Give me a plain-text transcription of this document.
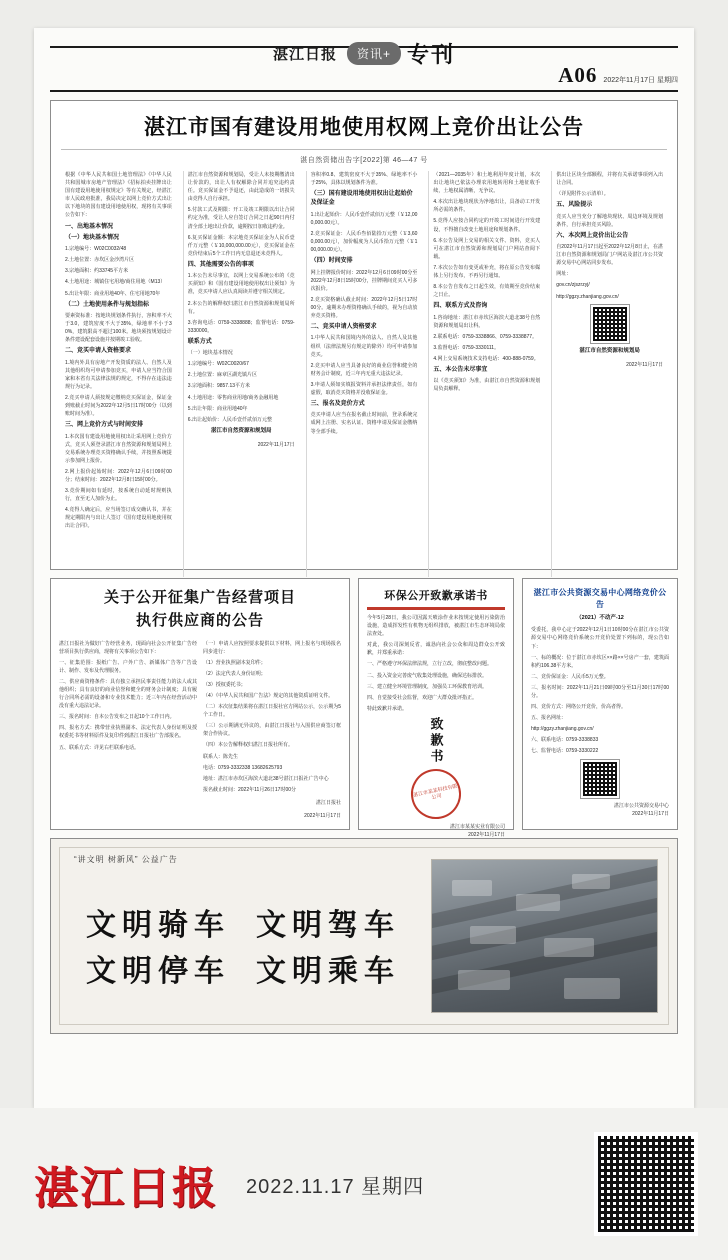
湛江日报	资讯+ 专刊
A06 2022年11月17日 星期四
湛江市国有建设用地使用权网上竞价出让公告
湛自然资储出告字[2022]第 46—47 号

根据《中华人民共和国土地管理法》《中华人民共和国城市房地产管理法》《招标拍卖挂牌出让国有建设用地使用权规定》等有关规定，经湛江市人民政府批准，我局决定以网上竞价方式出让以下地块的国有建设用地使用权，现将有关事项公告如下：

一、出地基本情况

（一）地块基本情况

1.宗地编号：W02C0032/48

2.土地位置：赤坎区金沙湾片区

3.宗地面积：约33745平方米

4.土地用途：城镇住宅用地/商住用地（M13）

5.出让年限：商业用地40年、住宅用地70年

（二）土地使用条件与规划指标

要素资标准：按地块规划条件执行，容积率不大于3.0，建筑密度不大于35%，绿地率不小于30%，建筑限高不超过100米。地块须按规划设计条件建设配套设施并按期竣工验收。

二、竞买申请人资格要求

1.境内外具有房地产开发资质的法人、自然人及其他组织均可申请参加竞买，申请人应当符合国家和本省有关法律法规的规定，不得存在违法违规行为记录。

2.竞买申请人须按规定缴纳竞买保证金，保证金到账截止时间为2022年12月5日17时00分（以到账时间为准）。

三、网上竞价方式与时间安排

1.本次国有建设用地使用权出让采用网上竞价方式，竞买人须登录湛江市自然资源和规划局网上交易系统办理竞买资格确认手续，并按照系统提示参加网上报价。

2.网上报价起始时间：2022年12月6日09时00分；结束时间：2022年12月8日15时00分。

3.竞价期间如有延时，按系统自动延时规则执行，直至无人加价为止。

4.竞得人确定后，应当场签订成交确认书，并在规定期限内与出让人签订《国有建设用地使用权出让合同》。

湛江市自然资源和规划局，受让人未按期缴清出让价款的，出让人有权解除合同并追究违约责任。竞买保证金不予退还，由此造成的一切损失由竞得人自行承担。

5.付款工式及期限：开工及竣工期限以出让合同约定为准，受让人应自签订合同之日起90日内付清全部土地出让价款，逾期按日加收违约金。

6.复买保证金额：本宗地竞买保证金为人民币壹仟万元整（￥10,000,000.00元），竞买保证金在竞价结束后5个工作日内无息退还未竞得人。

四、其他需要公告的事项

1.本公告未尽事宜，以网上交易系统公布的《竞买须知》和《国有建设用地使用权出让须知》为准，竞买申请人应认真阅读并遵守相关规定。

2.本公告的解释权归湛江市自然资源和规划局所有。

3.咨询电话：0759-3338888；监督电话：0759-3330000。

联系方式

（一）地块基本情况

1.宗地编号：W02C0020/67

2.土地位置：麻章区湖光镇片区

3.宗地面积：9857.13平方米

4.土地用途：零售商业用地/商务金融用地

5.出让年限：商业用地40年

6.出让起始价：人民币壹仟贰佰万元整

湛江市自然资源和规划局

2022年11月17日

容积率0.8、建筑密度不大于35%、绿地率不小于25%，具体以规划条件为准。

（三）国有建设用地使用权出让起始价及保证金

1.出让起始价：人民币壹仟贰佰万元整（￥12,000,000.00元）。

2.竞买保证金：人民币叁佰陆拾万元整（￥3,600,000.00元），加价幅度为人民币拾万元整（￥100,000.00元）。

（四）时间安排

网上挂牌报价时间：2022年12月6日09时00分至2022年12月8日15时00分，挂牌期间竞买人可多次报价。

2.竞买资格确认截止时间：2022年12月5日17时00分。逾期未办理资格确认手续的，视为自动放弃竞买资格。

二、竞买申请人资格要求

1.中华人民共和国境内外的法人、自然人及其他组织（法律法规另有规定的除外）均可申请参加竞买。

2.竞买申请人应当具备良好的商业信誉和健全的财务会计制度，近三年内无重大违法记录。

3.申请人须如实填报资料并承担法律责任，如有虚假，取消竞买资格并没收保证金。

三、报名及竞价方式

竞买申请人应当在报名截止时间前，登录系统完成网上注册、实名认证、资格申请及保证金缴纳等全部手续。

（2021—2035年）和土地利用年度计划，本次出让地块已依法办理农用地转用和土地征收手续，土地权属清晰，无争议。

4.本次出让地块现状为净地出让，具备动工开发所必需的条件。

5.竞得人应按合同约定的开竣工时间进行开发建设，不得擅自改变土地用途和规划条件。

6.本公告及网上交易的相关文件、资料，竞买人可在湛江市自然资源和规划局门户网站查阅下载。

7.本次公告如有变更或补充，将在原公告发布媒体上另行发布，不再另行通知。

8.本公告自发布之日起生效，有效期至竞价结束之日止。

四、联系方式及咨询

1.咨询地址：湛江市赤坎区海滨大道北38号自然资源和规划局出让科。

2.联系电话：0759-3338866、0759-3338877。

3.监督电话：0759-3330111。

4.网上交易系统技术支持电话：400-888-0759。

五、本公告未尽事宜

以《竞买须知》为准，由湛江市自然资源和规划局负责解释。

供出让区块全部额程，并将有关承诺事项列入出让合同。

（详见附件公示清单）。

五、风险提示

竞买人应当充分了解地块现状、周边环境及规划条件，自行承担竞买风险。

六、本次网上竞价出让公告

自2022年11月17日起至2022年12月8日止，在湛江市自然资源和规划局门户网站及湛江市公共资源交易中心网站同步发布。

网址：

gov.cn/zjszrzyj/

http://ggzy.zhanjiang.gov.cn/

湛江市自然资源和规划局

2022年11月17日

关于公开征集广告经营项目
执行供应商的公告

湛江日报社为做好广告经营业务，现面向社会公开征集广告经营项目执行供应商，现将有关事项公告如下：

一、征集范围：报纸广告、户外广告、新媒体广告等广告设计、制作、发布及代理服务。

二、供应商资格条件：具有独立承担民事责任能力的法人或其他组织；具有良好的商业信誉和健全的财务会计制度；具有履行合同所必需的设备和专业技术能力；近三年内在经营活动中没有重大违法记录。

三、报名时间：自本公告发布之日起10个工作日内。

四、报名方式：携带营业执照副本、法定代表人身份证明及授权委托书等材料原件及复印件到湛江日报社广告部报名。

五、联系方式：详见右栏联系电话。

（一）申请人应按照要求提供以下材料，网上报名与现场报名同步进行：

（1）营业执照副本复印件；

（2）法定代表人身份证明；

（3）授权委托书；

（4）《中华人民共和国广告法》规定的其他资质证明文件。

（二）本次征集结果将在湛江日报社官方网站公示，公示期为5个工作日。

（三）公示期满无异议的，由湛江日报社与入围供应商签订框架合作协议。

（四）本公告解释权归湛江日报社所有。

联系人：陈先生

电话：0759-3332338 13682625793

地址：湛江市赤坎区海滨大道北38号湛江日报社广告中心

报名截止时间：2022年11月26日17时00分

湛江日报社

2022年11月17日

环保公开致歉承诺书

今年5月28日，我公司因露天喷涂作业未按规定使用污染防治设施，造成挥发性有机物无组织排放，被湛江市生态环境局依法查处。

对此，我公司深刻反省，诚恳向社会公众和周边群众公开致歉，并郑重承诺：

一、严格遵守环保法律法规，立行立改，彻底整改问题。

二、投入资金完善废气收集处理设施，确保达标排放。

三、建立健全环境管理制度，加强员工环保教育培训。

四、自觉接受社会监督，欢迎广大群众批评指正。

特此致歉并承诺。

致歉书
湛江市某某科技有限公司
湛江市某某实业有限公司
2022年11月17日
湛江市公共资源交易中心网络竞价公告
（2021）不动产-12

受委托，我中心定于2022年12月1日10时00分在湛江市公共资源交易中心网络竞价系统公开竞价处置下列标的，现公告如下：

一、标的概况：位于湛江市赤坎区××路××号房产一套，建筑面积约106.38平方米。

二、竞价保证金：人民币5万元整。

三、报名时间：2022年11月21日09时00分至11月30日17时00分。

四、竞价方式：网络公开竞价，价高者得。

五、报名网址：

http://ggzy.zhanjiang.gov.cn/

六、联系电话：0759-3338833

七、监督电话：0759-3330222

湛江市公共资源交易中心
2022年11月17日
“讲文明 树新风” 公益广告
文明骑车 文明驾车
文明停车 文明乘车
湛江日报 2022.11.17 星期四
